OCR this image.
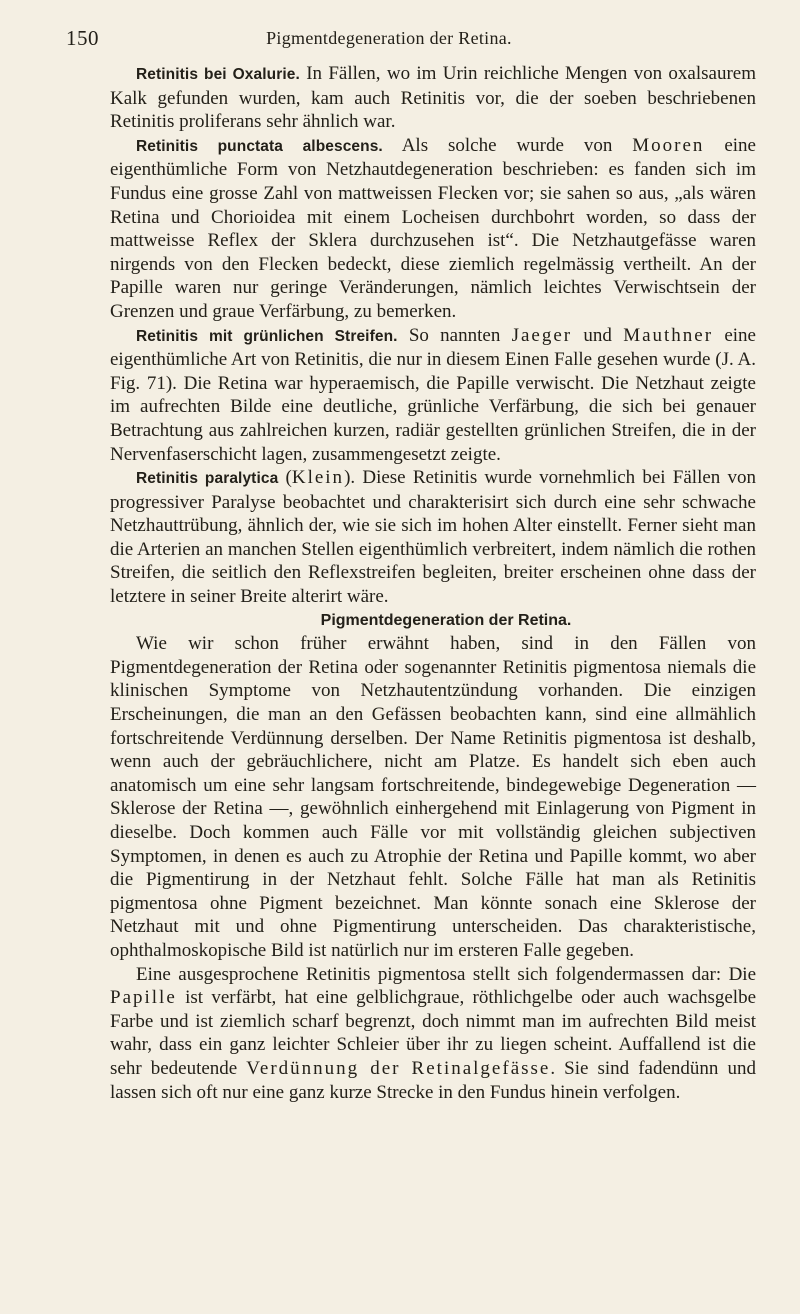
150	Pigmentdegeneration der Retina.

Retinitis bei Oxalurie. In Fällen, wo im Urin reichliche Mengen von oxalsaurem Kalk gefunden wurden, kam auch Retinitis vor, die der soeben beschriebenen Retinitis proliferans sehr ähnlich war.

Retinitis punctata albescens. Als solche wurde von Mooren eine eigenthümliche Form von Netzhautdegeneration beschrieben: es fanden sich im Fundus eine grosse Zahl von mattweissen Flecken vor; sie sahen so aus, „als wären Retina und Chorioidea mit einem Locheisen durchbohrt worden, so dass der mattweisse Reflex der Sklera durchzusehen ist“. Die Netzhautgefässe waren nirgends von den Flecken bedeckt, diese ziemlich regelmässig vertheilt. An der Papille waren nur geringe Veränderungen, nämlich leichtes Verwischtsein der Grenzen und graue Verfärbung, zu bemerken.

Retinitis mit grünlichen Streifen. So nannten Jaeger und Mauthner eine eigenthümliche Art von Retinitis, die nur in diesem Einen Falle gesehen wurde (J. A. Fig. 71). Die Retina war hyperaemisch, die Papille verwischt. Die Netzhaut zeigte im aufrechten Bilde eine deutliche, grünliche Verfärbung, die sich bei genauer Betrachtung aus zahlreichen kurzen, radiär gestellten grünlichen Streifen, die in der Nervenfaserschicht lagen, zusammengesetzt zeigte.

Retinitis paralytica (Klein). Diese Retinitis wurde vornehmlich bei Fällen von progressiver Paralyse beobachtet und charakterisirt sich durch eine sehr schwache Netzhauttrübung, ähnlich der, wie sie sich im hohen Alter einstellt. Ferner sieht man die Arterien an manchen Stellen eigenthümlich verbreitert, indem nämlich die rothen Streifen, die seitlich den Reflexstreifen begleiten, breiter erscheinen ohne dass der letztere in seiner Breite alterirt wäre.

Pigmentdegeneration der Retina.

Wie wir schon früher erwähnt haben, sind in den Fällen von Pigmentdegeneration der Retina oder sogenannter Retinitis pigmentosa niemals die klinischen Symptome von Netzhautentzündung vorhanden. Die einzigen Erscheinungen, die man an den Gefässen beobachten kann, sind eine allmählich fortschreitende Verdünnung derselben. Der Name Retinitis pigmentosa ist deshalb, wenn auch der gebräuchlichere, nicht am Platze. Es handelt sich eben auch anatomisch um eine sehr langsam fortschreitende, bindegewebige Degeneration — Sklerose der Retina —, gewöhnlich einhergehend mit Einlagerung von Pigment in dieselbe. Doch kommen auch Fälle vor mit vollständig gleichen subjectiven Symptomen, in denen es auch zu Atrophie der Retina und Papille kommt, wo aber die Pigmentirung in der Netzhaut fehlt. Solche Fälle hat man als Retinitis pigmentosa ohne Pigment bezeichnet. Man könnte sonach eine Sklerose der Netzhaut mit und ohne Pigmentirung unterscheiden. Das charakteristische, ophthalmoskopische Bild ist natürlich nur im ersteren Falle gegeben.

Eine ausgesprochene Retinitis pigmentosa stellt sich folgendermassen dar: Die Papille ist verfärbt, hat eine gelblichgraue, röthlichgelbe oder auch wachsgelbe Farbe und ist ziemlich scharf begrenzt, doch nimmt man im aufrechten Bild meist wahr, dass ein ganz leichter Schleier über ihr zu liegen scheint. Auffallend ist die sehr bedeutende Verdünnung der Retinalgefässe. Sie sind fadendünn und lassen sich oft nur eine ganz kurze Strecke in den Fundus hinein verfolgen.
